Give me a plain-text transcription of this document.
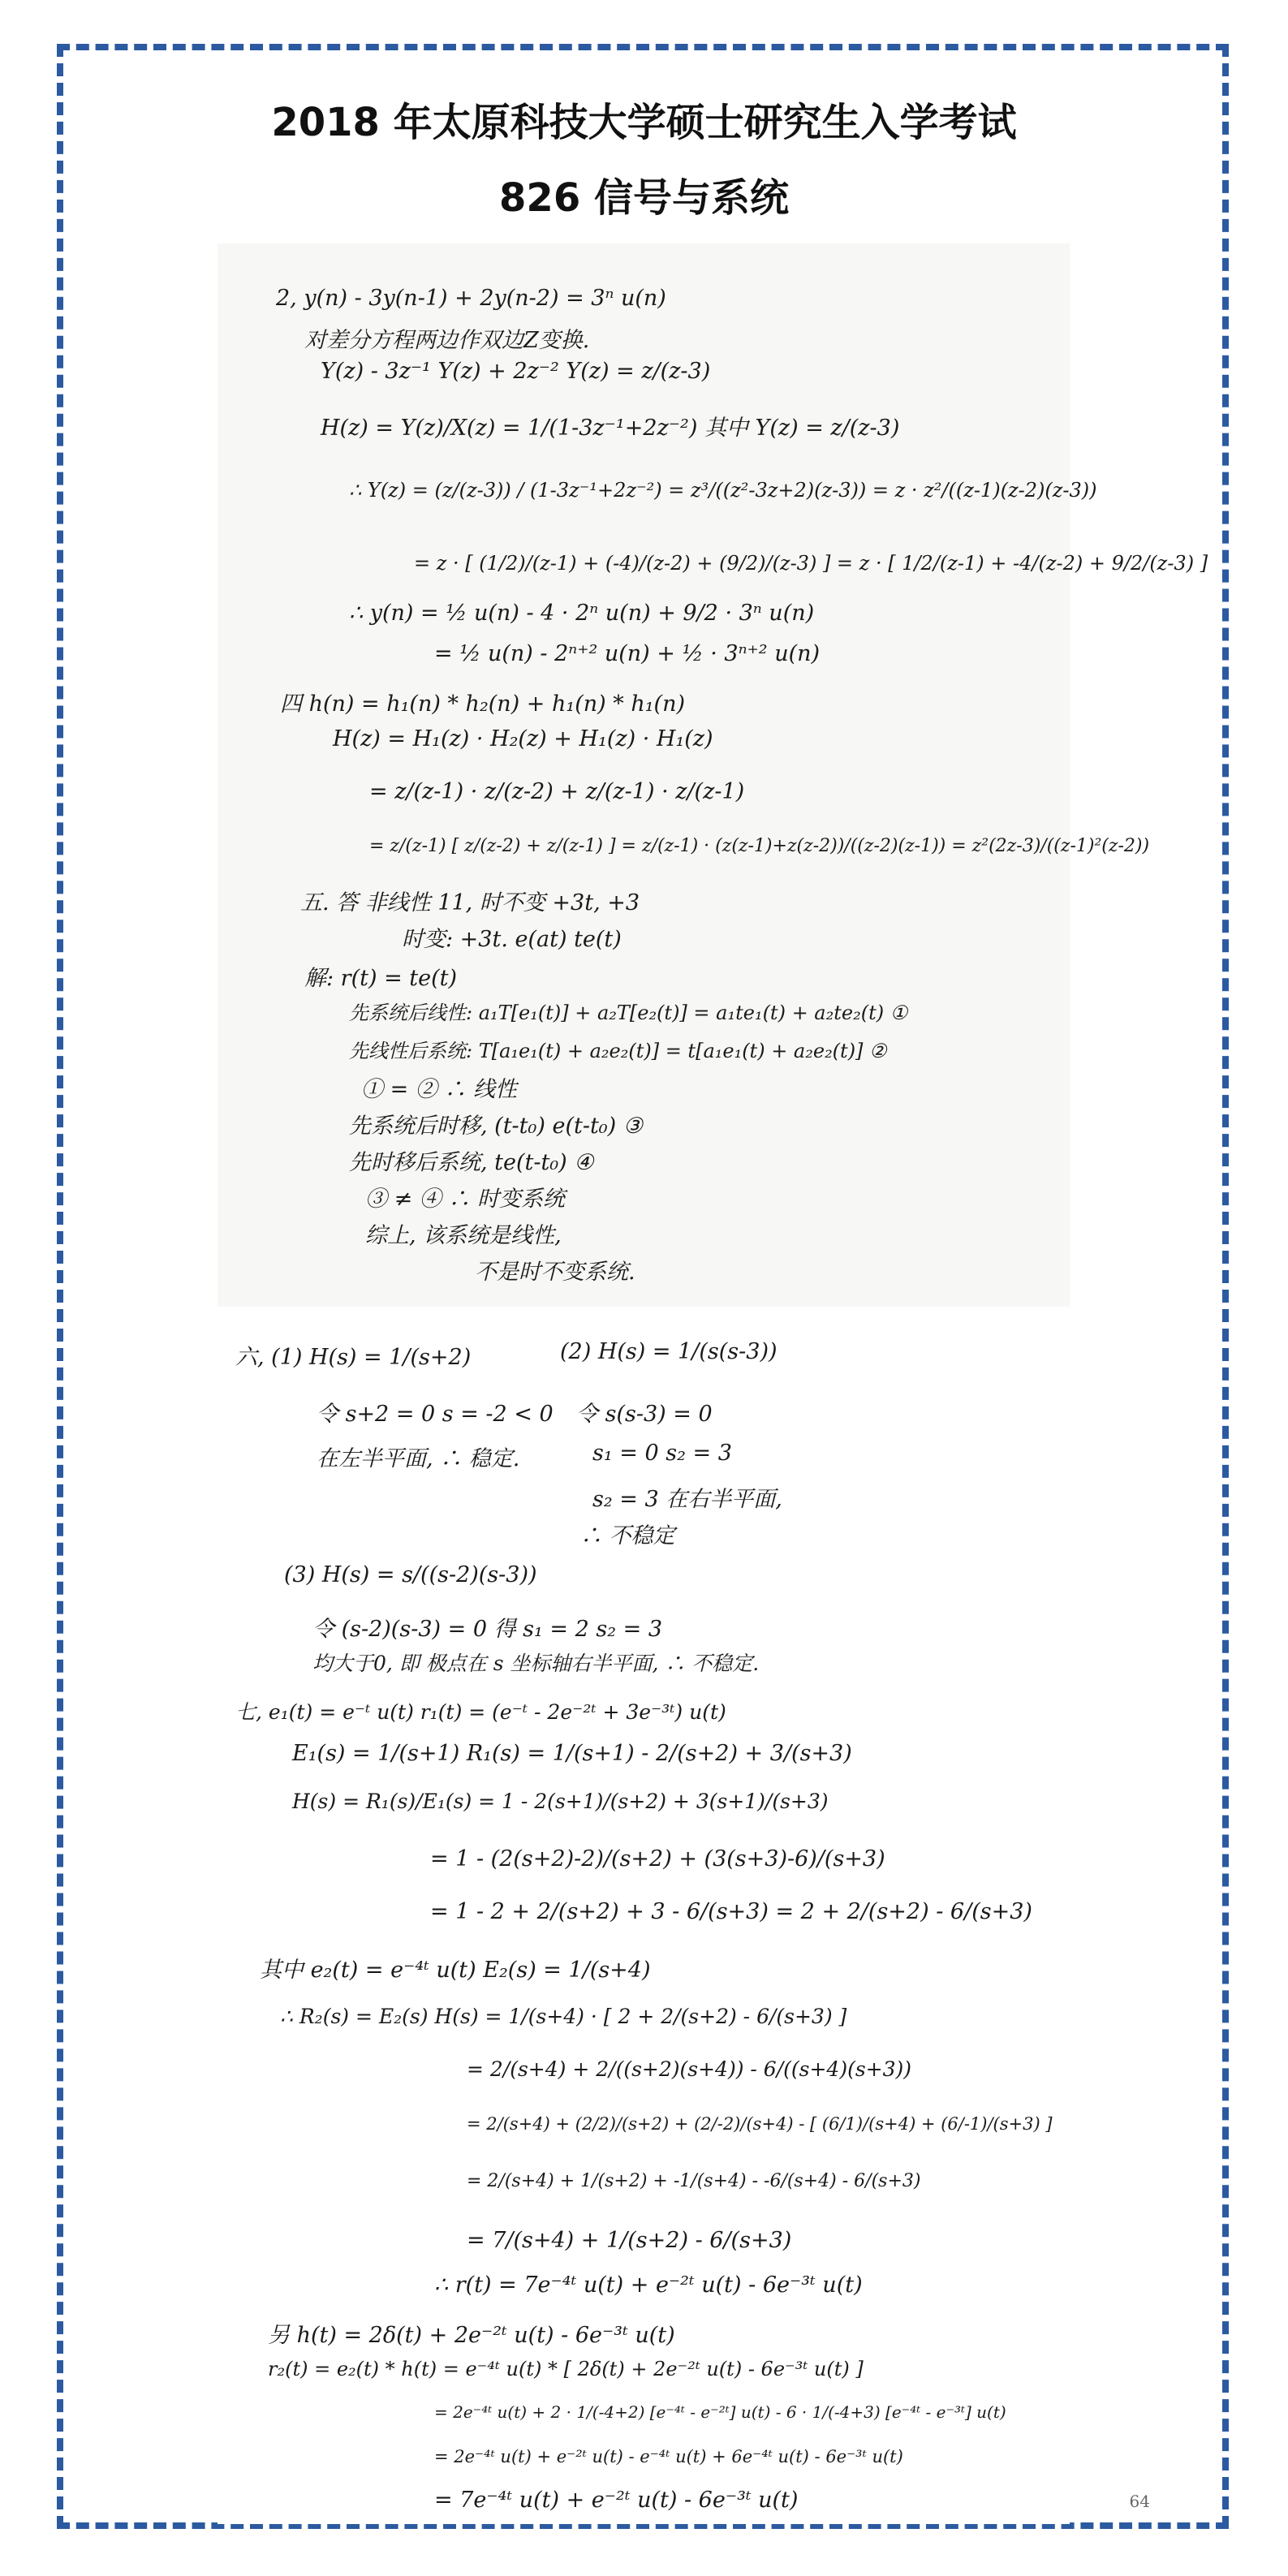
2018 年太原科技大学硕士研究生入学考试
826 信号与系统
2, y(n) - 3y(n-1) + 2y(n-2) = 3ⁿ u(n)
对差分方程两边作双边Z变换.
Y(z) - 3z⁻¹ Y(z) + 2z⁻² Y(z) = z/(z-3)
H(z) = Y(z)/X(z) = 1/(1-3z⁻¹+2z⁻²) 其中 Y(z) = z/(z-3)
∴ Y(z) = (z/(z-3)) / (1-3z⁻¹+2z⁻²) = z³/((z²-3z+2)(z-3)) = z · z²/((z-1)(z-2)(z-3))
= z · [ (1/2)/(z-1) + (-4)/(z-2) + (9/2)/(z-3) ] = z · [ 1/2/(z-1) + -4/(z-2) + 9/2/(z-3) ]
∴ y(n) = ½ u(n) - 4 · 2ⁿ u(n) + 9/2 · 3ⁿ u(n)
= ½ u(n) - 2ⁿ⁺² u(n) + ½ · 3ⁿ⁺² u(n)
四 h(n) = h₁(n) * h₂(n) + h₁(n) * h₁(n)
H(z) = H₁(z) · H₂(z) + H₁(z) · H₁(z)
= z/(z-1) · z/(z-2) + z/(z-1) · z/(z-1)
= z/(z-1) [ z/(z-2) + z/(z-1) ] = z/(z-1) · (z(z-1)+z(z-2))/((z-2)(z-1)) = z²(2z-3)/((z-1)²(z-2))
五. 答 非线性 11, 时不变 +3t, +3
时变: +3t. e(at) te(t)
解: r(t) = te(t)
先系统后线性: a₁T[e₁(t)] + a₂T[e₂(t)] = a₁te₁(t) + a₂te₂(t) ①
先线性后系统: T[a₁e₁(t) + a₂e₂(t)] = t[a₁e₁(t) + a₂e₂(t)] ②
① = ② ∴ 线性
先系统后时移, (t-t₀) e(t-t₀) ③
先时移后系统, te(t-t₀) ④
③ ≠ ④ ∴ 时变系统
综上, 该系统是线性,
不是时不变系统.
六, (1) H(s) = 1/(s+2)	(2) H(s) = 1/(s(s-3))
令 s+2 = 0 s = -2 < 0 令 s(s-3) = 0
在左半平面, ∴ 稳定.	s₁ = 0 s₂ = 3
s₂ = 3 在右半平面,
∴ 不稳定
(3) H(s) = s/((s-2)(s-3))
令 (s-2)(s-3) = 0 得 s₁ = 2 s₂ = 3
均大于0, 即 极点在 s 坐标轴右半平面, ∴ 不稳定.
七, e₁(t) = e⁻ᵗ u(t) r₁(t) = (e⁻ᵗ - 2e⁻²ᵗ + 3e⁻³ᵗ) u(t)
E₁(s) = 1/(s+1) R₁(s) = 1/(s+1) - 2/(s+2) + 3/(s+3)
H(s) = R₁(s)/E₁(s) = 1 - 2(s+1)/(s+2) + 3(s+1)/(s+3)
= 1 - (2(s+2)-2)/(s+2) + (3(s+3)-6)/(s+3)
= 1 - 2 + 2/(s+2) + 3 - 6/(s+3) = 2 + 2/(s+2) - 6/(s+3)
其中 e₂(t) = e⁻⁴ᵗ u(t) E₂(s) = 1/(s+4)
∴ R₂(s) = E₂(s) H(s) = 1/(s+4) · [ 2 + 2/(s+2) - 6/(s+3) ]
= 2/(s+4) + 2/((s+2)(s+4)) - 6/((s+4)(s+3))
= 2/(s+4) + (2/2)/(s+2) + (2/-2)/(s+4) - [ (6/1)/(s+4) + (6/-1)/(s+3) ]
= 2/(s+4) + 1/(s+2) + -1/(s+4) - -6/(s+4) - 6/(s+3)
= 7/(s+4) + 1/(s+2) - 6/(s+3)
∴ r(t) = 7e⁻⁴ᵗ u(t) + e⁻²ᵗ u(t) - 6e⁻³ᵗ u(t)
另 h(t) = 2δ(t) + 2e⁻²ᵗ u(t) - 6e⁻³ᵗ u(t)
r₂(t) = e₂(t) * h(t) = e⁻⁴ᵗ u(t) * [ 2δ(t) + 2e⁻²ᵗ u(t) - 6e⁻³ᵗ u(t) ]
= 2e⁻⁴ᵗ u(t) + 2 · 1/(-4+2) [e⁻⁴ᵗ - e⁻²ᵗ] u(t) - 6 · 1/(-4+3) [e⁻⁴ᵗ - e⁻³ᵗ] u(t)
= 2e⁻⁴ᵗ u(t) + e⁻²ᵗ u(t) - e⁻⁴ᵗ u(t) + 6e⁻⁴ᵗ u(t) - 6e⁻³ᵗ u(t)
= 7e⁻⁴ᵗ u(t) + e⁻²ᵗ u(t) - 6e⁻³ᵗ u(t)	64
